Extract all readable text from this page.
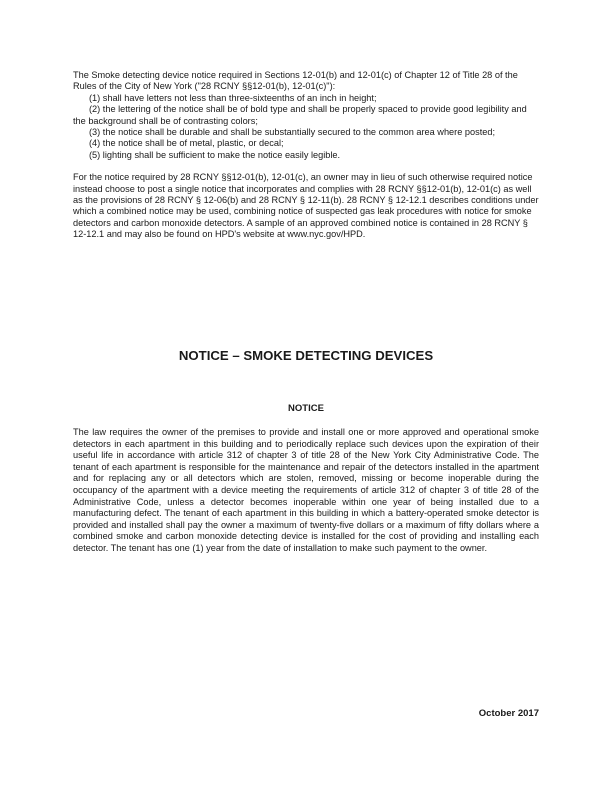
The Smoke detecting device notice required in Sections 12-01(b) and 12-01(c) of Chapter 12 of Title 28 of the Rules of the City of New York ("28 RCNY §§12-01(b), 12-01(c)"):

(1) shall have letters not less than three-sixteenths of an inch in height;

(2) the lettering of the notice shall be of bold type and shall be properly spaced to provide good legibility and the background shall be of contrasting colors;

(3) the notice shall be durable and shall be substantially secured to the common area where posted;

(4) the notice shall be of metal, plastic, or decal;

(5) lighting shall be sufficient to make the notice easily legible.

For the notice required by 28 RCNY §§12-01(b), 12-01(c), an owner may in lieu of such otherwise required notice instead choose to post a single notice that incorporates and complies with 28 RCNY §§12-01(b), 12-01(c) as well as the provisions of 28 RCNY § 12-06(b) and 28 RCNY § 12-11(b). 28 RCNY § 12-12.1 describes conditions under which a combined notice may be used, combining notice of suspected gas leak procedures with notice for smoke detectors and carbon monoxide detectors. A sample of an approved combined notice is contained in 28 RCNY § 12-12.1 and may also be found on HPD's website at www.nyc.gov/HPD.

NOTICE – SMOKE DETECTING DEVICES
NOTICE

The law requires the owner of the premises to provide and install one or more approved and operational smoke detectors in each apartment in this building and to periodically replace such devices upon the expiration of their useful life in accordance with article 312 of chapter 3 of title 28 of the New York City Administrative Code. The tenant of each apartment is responsible for the maintenance and repair of the detectors installed in the apartment and for replacing any or all detectors which are stolen, removed, missing or become inoperable during the occupancy of the apartment with a device meeting the requirements of article 312 of chapter 3 of title 28 of the Administrative Code, unless a detector becomes inoperable within one year of being installed due to a manufacturing defect. The tenant of each apartment in this building in which a battery-operated smoke detector is provided and installed shall pay the owner a maximum of twenty-five dollars or a maximum of fifty dollars where a combined smoke and carbon monoxide detecting device is installed for the cost of providing and installing each detector. The tenant has one (1) year from the date of installation to make such payment to the owner.

October 2017
